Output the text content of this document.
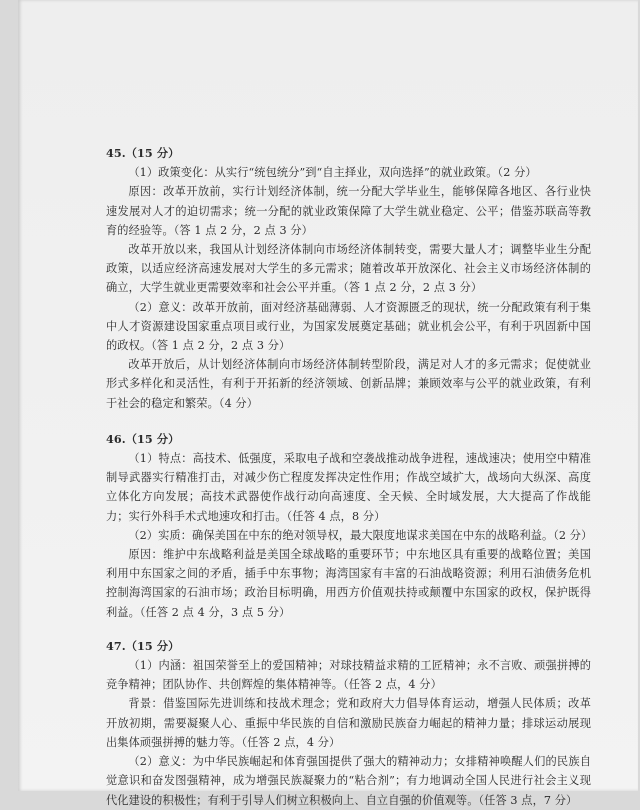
45.（15 分）

（1）政策变化：从实行“统包统分”到“自主择业，双向选择”的就业政策。（2 分）

原因：改革开放前，实行计划经济体制，统一分配大学毕业生，能够保障各地区、各行业快速发展对人才的迫切需求；统一分配的就业政策保障了大学生就业稳定、公平；借鉴苏联高等教育的经验等。（答 1 点 2 分，2 点 3 分）

改革开放以来，我国从计划经济体制向市场经济体制转变，需要大量人才；调整毕业生分配政策，以适应经济高速发展对大学生的多元需求；随着改革开放深化、社会主义市场经济体制的确立，大学生就业更需要效率和社会公平并重。（答 1 点 2 分，2 点 3 分）

（2）意义：改革开放前，面对经济基础薄弱、人才资源匮乏的现状，统一分配政策有利于集中人才资源建设国家重点项目或行业，为国家发展奠定基础；就业机会公平，有利于巩固新中国的政权。（答 1 点 2 分，2 点 3 分）

改革开放后，从计划经济体制向市场经济体制转型阶段，满足对人才的多元需求；促使就业形式多样化和灵活性，有利于开拓新的经济领域、创新品牌；兼顾效率与公平的就业政策，有利于社会的稳定和繁荣。（4 分）

46.（15 分）

（1）特点：高技术、低强度，采取电子战和空袭战推动战争进程，速战速决；使用空中精准制导武器实行精准打击，对减少伤亡程度发挥决定性作用；作战空域扩大，战场向大纵深、高度立体化方向发展；高技术武器使作战行动向高速度、全天候、全时域发展，大大提高了作战能力；实行外科手术式地速攻和打击。（任答 4 点，8 分）

（2）实质：确保美国在中东的绝对领导权，最大限度地谋求美国在中东的战略利益。（2 分）

原因：维护中东战略利益是美国全球战略的重要环节；中东地区具有重要的战略位置；美国利用中东国家之间的矛盾，插手中东事物；海湾国家有丰富的石油战略资源；利用石油债务危机控制海湾国家的石油市场；政治目标明确，用西方价值观扶持或颠覆中东国家的政权，保护既得利益。（任答 2 点 4 分，3 点 5 分）

47.（15 分）

（1）内涵：祖国荣誉至上的爱国精神；对球技精益求精的工匠精神；永不言败、顽强拼搏的竞争精神；团队协作、共创辉煌的集体精神等。（任答 2 点，4 分）

背景：借鉴国际先进训练和技战术理念；党和政府大力倡导体育运动，增强人民体质；改革开放初期，需要凝聚人心、重振中华民族的自信和激励民族奋力崛起的精神力量；排球运动展现出集体顽强拼搏的魅力等。（任答 2 点，4 分）

（2）意义：为中华民族崛起和体育强国提供了强大的精神动力；女排精神唤醒人们的民族自觉意识和奋发图强精神，成为增强民族凝聚力的“粘合剂”；有力地调动全国人民进行社会主义现代化建设的积极性；有利于引导人们树立积极向上、自立自强的价值观等。（任答 3 点，7 分）
